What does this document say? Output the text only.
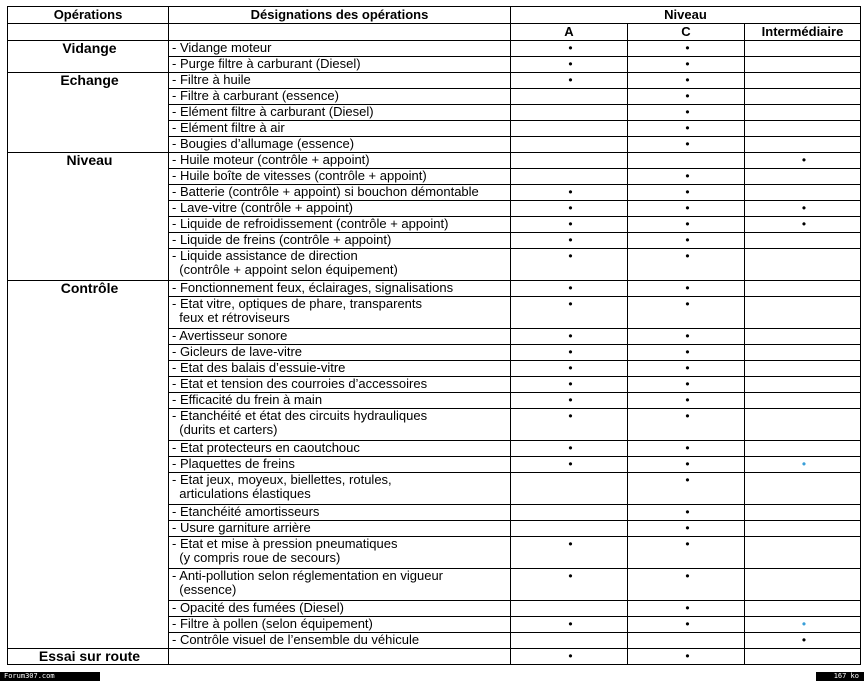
Opérations	Désignations des opérations	Niveau		
		A	C	Intermédiaire
Vidange	- Vidange moteur	•	•	
	- Purge filtre à carburant (Diesel)	•	•	
Echange	- Filtre à huile	•	•	
	- Filtre à carburant (essence)		•	
	- Elément filtre à carburant (Diesel)		•	
	- Elément filtre à air		•	
	- Bougies d’allumage (essence)		•	
Niveau	- Huile moteur (contrôle + appoint)			•
	- Huile boîte de vitesses (contrôle + appoint)		•	
	- Batterie (contrôle + appoint) si bouchon démontable	•	•	
	- Lave-vitre (contrôle + appoint)	•	•	•
	- Liquide de refroidissement (contrôle + appoint)	•	•	•
	- Liquide de freins (contrôle + appoint)	•	•	
	- Liquide assistance de direction
(contrôle + appoint selon équipement)	•	•	
Contrôle	- Fonctionnement feux, éclairages, signalisations	•	•	
	- Etat vitre, optiques de phare, transparents
feux et rétroviseurs	•	•	
	- Avertisseur sonore	•	•	
	- Gicleurs de lave-vitre	•	•	
	- Etat des balais d’essuie-vitre	•	•	
	- Etat et tension des courroies d’accessoires	•	•	
	- Efficacité du frein à main	•	•	
	- Etanchéité et état des circuits hydrauliques
(durits et carters)	•	•	
	- Etat protecteurs en caoutchouc	•	•	
	- Plaquettes de freins	•	•	•
	- Etat jeux, moyeux, biellettes, rotules,
articulations élastiques		•	
	- Etanchéité amortisseurs		•	
	- Usure garniture arrière		•	
	- Etat et mise à pression pneumatiques
(y compris roue de secours)	•	•	
	- Anti-pollution selon réglementation en vigueur
(essence)	•	•	
	- Opacité des fumées (Diesel)		•	
	- Filtre à pollen (selon équipement)	•	•	•
	- Contrôle visuel de l’ensemble du véhicule			•
Essai sur route		•	•	
Forum307.com	167 ko
